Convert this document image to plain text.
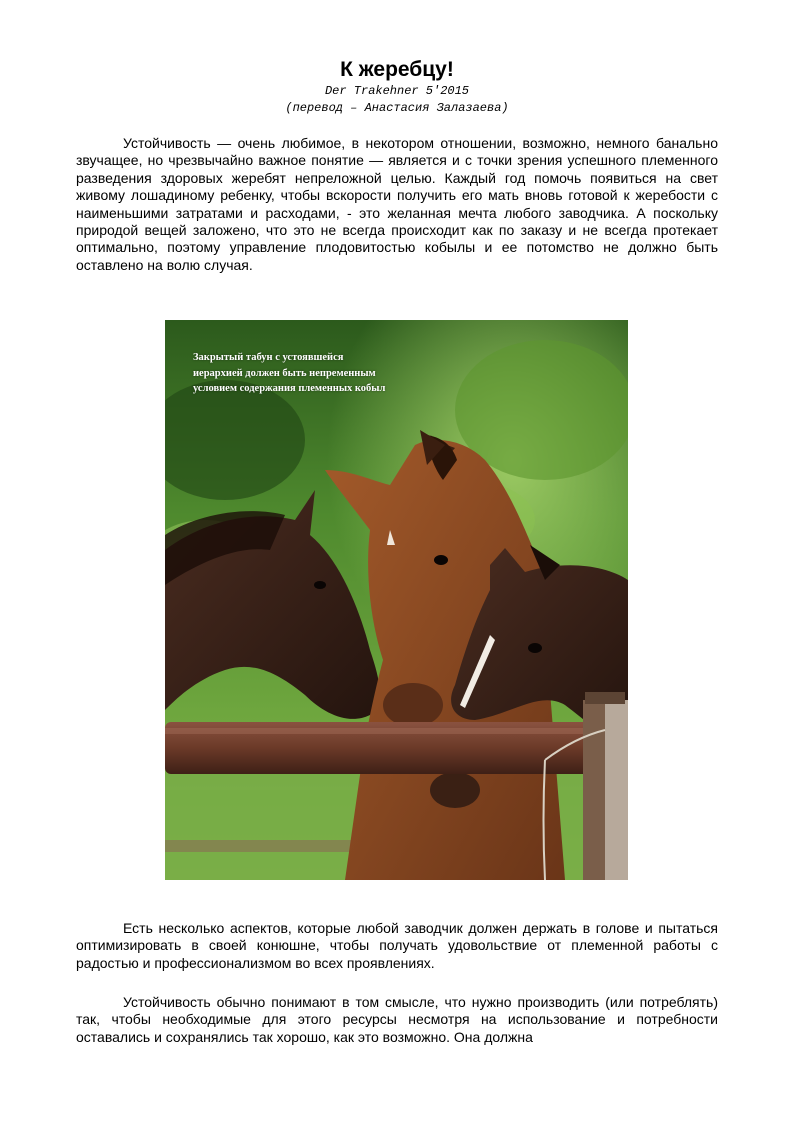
К жеребцу!
Der Trakehner 5'2015
(перевод – Анастасия Залазаева)

Устойчивость — очень любимое, в некотором отношении, возможно, немного банально звучащее, но чрезвычайно важное понятие — является и с точки зрения успешного племенного разведения здоровых жеребят непреложной целью. Каждый год помочь появиться на свет живому лошадиному ребенку, чтобы вскорости получить его мать вновь готовой к жеребости с наименьшими затратами и расходами, - это желанная мечта любого заводчика. А поскольку природой вещей заложено, что это не всегда происходит как по заказу и не всегда протекает оптимально, поэтому управление плодовитостью кобылы и ее потомство не должно быть оставлено на волю случая.

Закрытый табун с устоявшейся иерархией должен быть непременным условием содержания племенных кобыл

Есть несколько аспектов, которые любой заводчик должен держать в голове и пытаться оптимизировать в своей конюшне, чтобы получать удовольствие от племенной работы с радостью и профессионализмом во всех проявлениях.

Устойчивость обычно понимают в том смысле, что нужно производить (или потреблять) так, чтобы необходимые для этого ресурсы несмотря на использование и потребности оставались и сохранялись так хорошо, как это возможно. Она должна
